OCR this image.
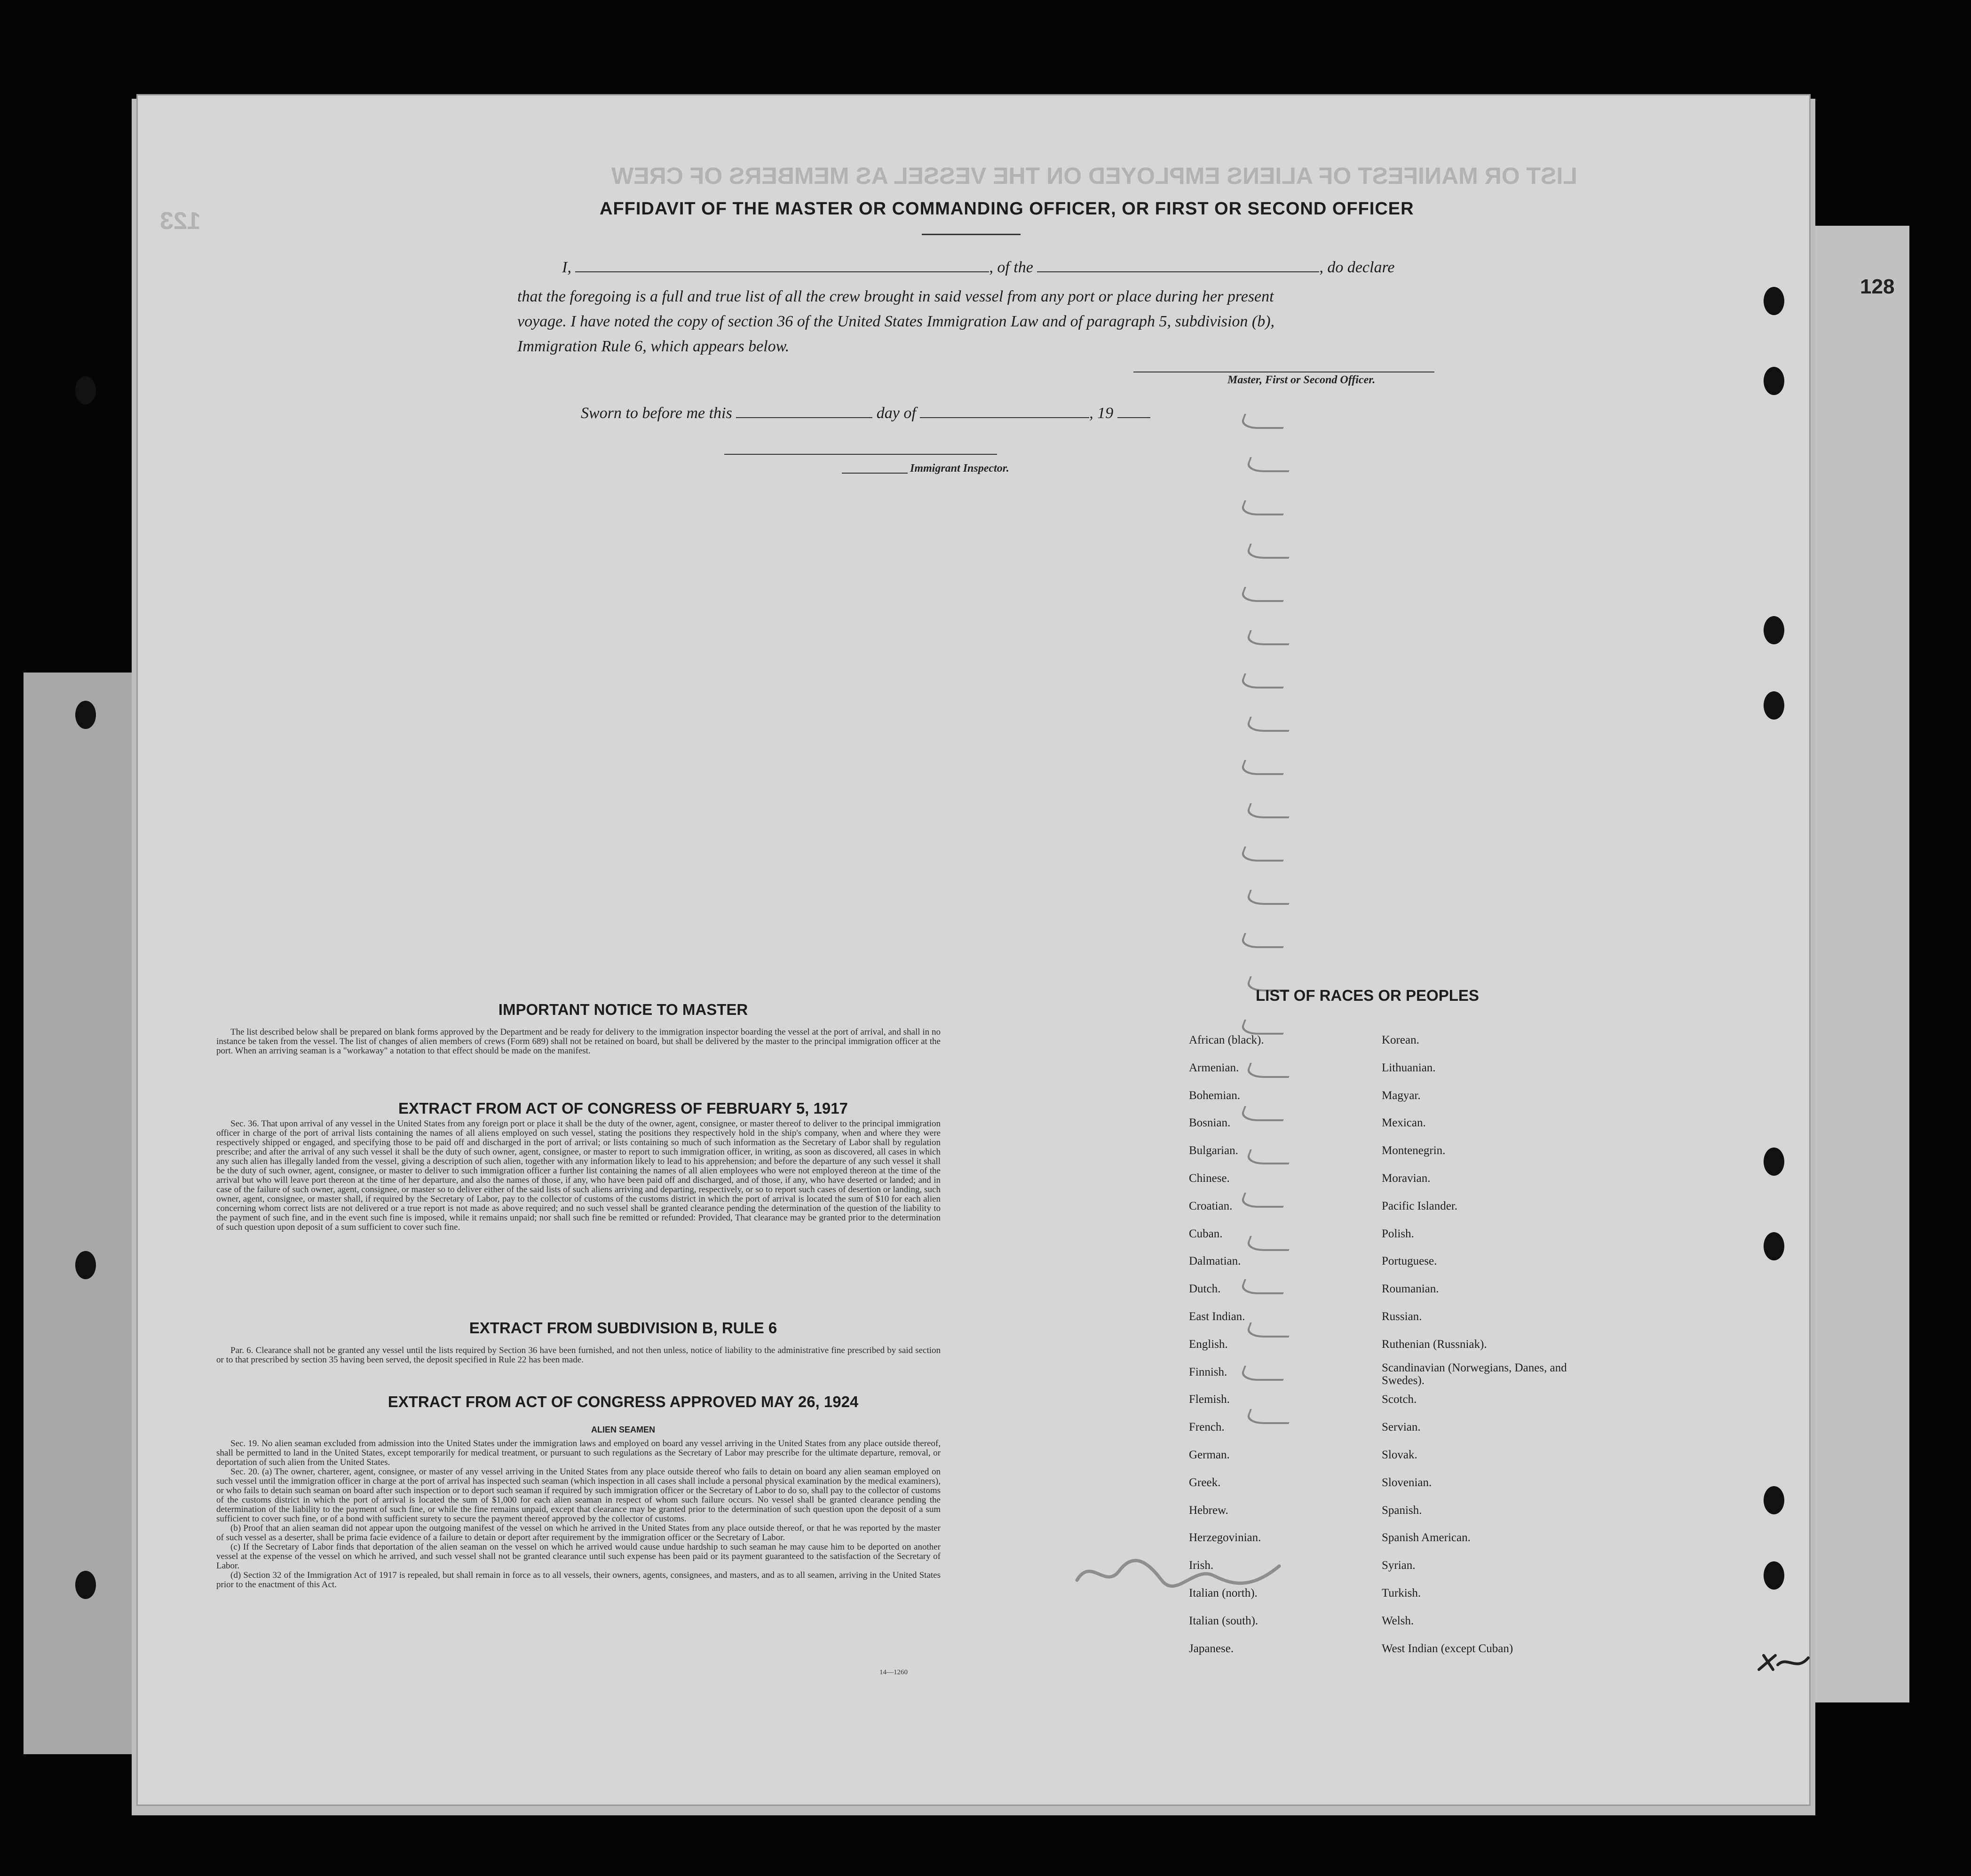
128
123
LIST OR MANIFEST OF ALIENS EMPLOYED ON THE VESSEL AS MEMBERS OF CREW
AFFIDAVIT OF THE MASTER OR COMMANDING OFFICER, OR FIRST OR SECOND OFFICER
I,	, of the	, do declare
that the foregoing is a full and true list of all the crew brought in said vessel from any port or place during her present
voyage. I have noted the copy of section 36 of the United States Immigration Law and of paragraph 5, subdivision (b),
Immigration Rule 6, which appears below.
Master, First or Second Officer.
Sworn to before me this	day of	, 19
Immigrant Inspector.
IMPORTANT NOTICE TO MASTER

The list described below shall be prepared on blank forms approved by the Department and be ready for delivery to the immigration inspector boarding the vessel at the port of arrival, and shall in no instance be taken from the vessel. The list of changes of alien members of crews (Form 689) shall not be retained on board, but shall be delivered by the master to the principal immigration officer at the port. When an arriving seaman is a "workaway" a notation to that effect should be made on the manifest.

EXTRACT FROM ACT OF CONGRESS OF FEBRUARY 5, 1917

Sec. 36. That upon arrival of any vessel in the United States from any foreign port or place it shall be the duty of the owner, agent, consignee, or master thereof to deliver to the principal immigration officer in charge of the port of arrival lists containing the names of all aliens employed on such vessel, stating the positions they respectively hold in the ship's company, when and where they were respectively shipped or engaged, and specifying those to be paid off and discharged in the port of arrival; or lists containing so much of such information as the Secretary of Labor shall by regulation prescribe; and after the arrival of any such vessel it shall be the duty of such owner, agent, consignee, or master to report to such immigration officer, in writing, as soon as discovered, all cases in which any such alien has illegally landed from the vessel, giving a description of such alien, together with any information likely to lead to his apprehension; and before the departure of any such vessel it shall be the duty of such owner, agent, consignee, or master to deliver to such immigration officer a further list containing the names of all alien employees who were not employed thereon at the time of the arrival but who will leave port thereon at the time of her departure, and also the names of those, if any, who have been paid off and discharged, and of those, if any, who have deserted or landed; and in case of the failure of such owner, agent, consignee, or master so to deliver either of the said lists of such aliens arriving and departing, respectively, or so to report such cases of desertion or landing, such owner, agent, consignee, or master shall, if required by the Secretary of Labor, pay to the collector of customs of the customs district in which the port of arrival is located the sum of $10 for each alien concerning whom correct lists are not delivered or a true report is not made as above required; and no such vessel shall be granted clearance pending the determination of the question of the liability to the payment of such fine, and in the event such fine is imposed, while it remains unpaid; nor shall such fine be remitted or refunded: Provided, That clearance may be granted prior to the determination of such question upon deposit of a sum sufficient to cover such fine.

EXTRACT FROM SUBDIVISION B, RULE 6

Par. 6. Clearance shall not be granted any vessel until the lists required by Section 36 have been furnished, and not then unless, notice of liability to the administrative fine prescribed by said section or to that prescribed by section 35 having been served, the deposit specified in Rule 22 has been made.

EXTRACT FROM ACT OF CONGRESS APPROVED MAY 26, 1924
ALIEN SEAMEN

Sec. 19. No alien seaman excluded from admission into the United States under the immigration laws and employed on board any vessel arriving in the United States from any place outside thereof, shall be permitted to land in the United States, except temporarily for medical treatment, or pursuant to such regulations as the Secretary of Labor may prescribe for the ultimate departure, removal, or deportation of such alien from the United States.

Sec. 20. (a) The owner, charterer, agent, consignee, or master of any vessel arriving in the United States from any place outside thereof who fails to detain on board any alien seaman employed on such vessel until the immigration officer in charge at the port of arrival has inspected such seaman (which inspection in all cases shall include a personal physical examination by the medical examiners), or who fails to detain such seaman on board after such inspection or to deport such seaman if required by such immigration officer or the Secretary of Labor to do so, shall pay to the collector of customs of the customs district in which the port of arrival is located the sum of $1,000 for each alien seaman in respect of whom such failure occurs. No vessel shall be granted clearance pending the determination of the liability to the payment of such fine, or while the fine remains unpaid, except that clearance may be granted prior to the determination of such question upon the deposit of a sum sufficient to cover such fine, or of a bond with sufficient surety to secure the payment thereof approved by the collector of customs.

(b) Proof that an alien seaman did not appear upon the outgoing manifest of the vessel on which he arrived in the United States from any place outside thereof, or that he was reported by the master of such vessel as a deserter, shall be prima facie evidence of a failure to detain or deport after requirement by the immigration officer or the Secretary of Labor.

(c) If the Secretary of Labor finds that deportation of the alien seaman on the vessel on which he arrived would cause undue hardship to such seaman he may cause him to be deported on another vessel at the expense of the vessel on which he arrived, and such vessel shall not be granted clearance until such expense has been paid or its payment guaranteed to the satisfaction of the Secretary of Labor.

(d) Section 32 of the Immigration Act of 1917 is repealed, but shall remain in force as to all vessels, their owners, agents, consignees, and masters, and as to all seamen, arriving in the United States prior to the enactment of this Act.

14—1260
LIST OF RACES OR PEOPLES
African (black).
Armenian.
Bohemian.
Bosnian.
Bulgarian.
Chinese.
Croatian.
Cuban.
Dalmatian.
Dutch.
East Indian.
English.
Finnish.
Flemish.
French.
German.
Greek.
Hebrew.
Herzegovinian.
Irish.
Italian (north).
Italian (south).
Japanese.
Korean.
Lithuanian.
Magyar.
Mexican.
Montenegrin.
Moravian.
Pacific Islander.
Polish.
Portuguese.
Roumanian.
Russian.
Ruthenian (Russniak).
Scandinavian (Norwegians, Danes, and Swedes).
Scotch.
Servian.
Slovak.
Slovenian.
Spanish.
Spanish American.
Syrian.
Turkish.
Welsh.
West Indian (except Cuban)
